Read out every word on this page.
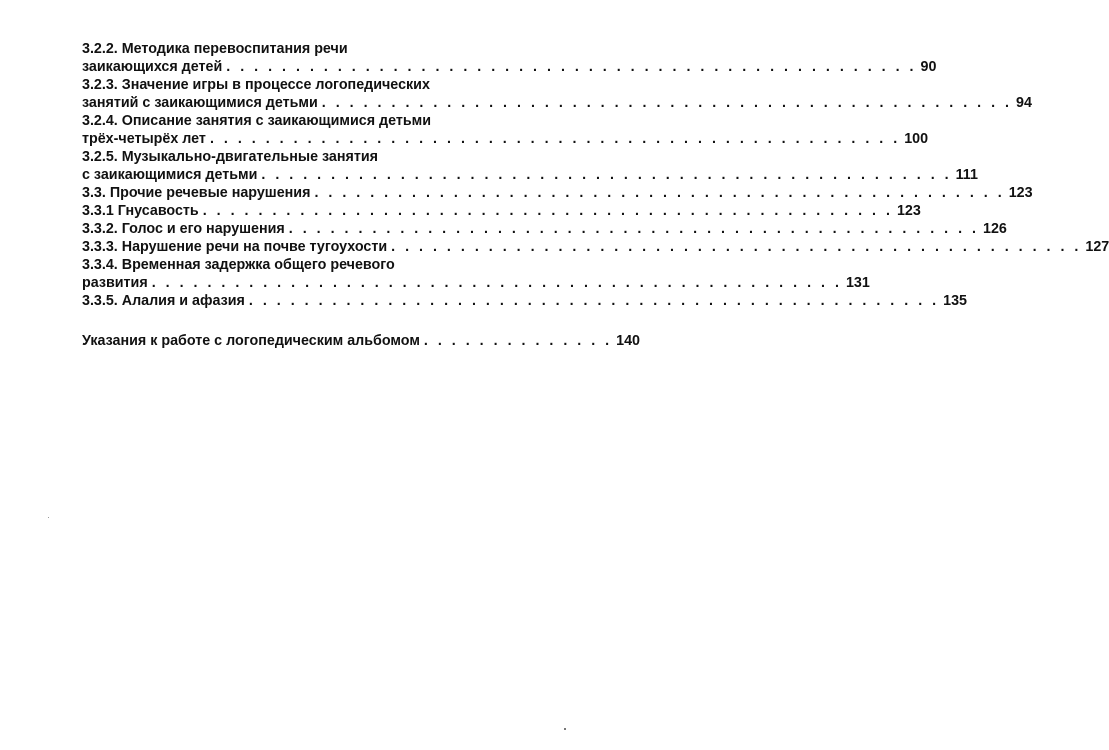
3.2.2. Методика перевоспитания речи
заикающихся детей . . . . . . . . . . . . . . . . . . . . . . . . . . . . . . . . . . . . . . . . . . . . . . . . . . 90
3.2.3. Значение игры в процессе логопедических
занятий с заикающимися детьми . . . . . . . . . . . . . . . . . . . . . . . . . . . . . . . . . . . . . . . . . . . . . . . . . . 94
3.2.4. Описание занятия с заикающимися детьми
трёх-четырёх лет . . . . . . . . . . . . . . . . . . . . . . . . . . . . . . . . . . . . . . . . . . . . . . . . . . 100
3.2.5. Музыкально-двигательные занятия
с заикающимися детьми . . . . . . . . . . . . . . . . . . . . . . . . . . . . . . . . . . . . . . . . . . . . . . . . . . 111
3.3. Прочие речевые нарушения . . . . . . . . . . . . . . . . . . . . . . . . . . . . . . . . . . . . . . . . . . . . . . . . . . 123
3.3.1 Гнусавость . . . . . . . . . . . . . . . . . . . . . . . . . . . . . . . . . . . . . . . . . . . . . . . . . . 123
3.3.2. Голос и его нарушения . . . . . . . . . . . . . . . . . . . . . . . . . . . . . . . . . . . . . . . . . . . . . . . . . . 126
3.3.3. Нарушение речи на почве тугоухости . . . . . . . . . . . . . . . . . . . . . . . . . . . . . . . . . . . . . . . . . . . . . . . . . . 127
3.3.4. Временная задержка общего речевого
развития . . . . . . . . . . . . . . . . . . . . . . . . . . . . . . . . . . . . . . . . . . . . . . . . . . 131
3.3.5. Алалия и афазия . . . . . . . . . . . . . . . . . . . . . . . . . . . . . . . . . . . . . . . . . . . . . . . . . . 135
Указания к работе с логопедическим альбомом . . . . . . . . . . . . . . 140
